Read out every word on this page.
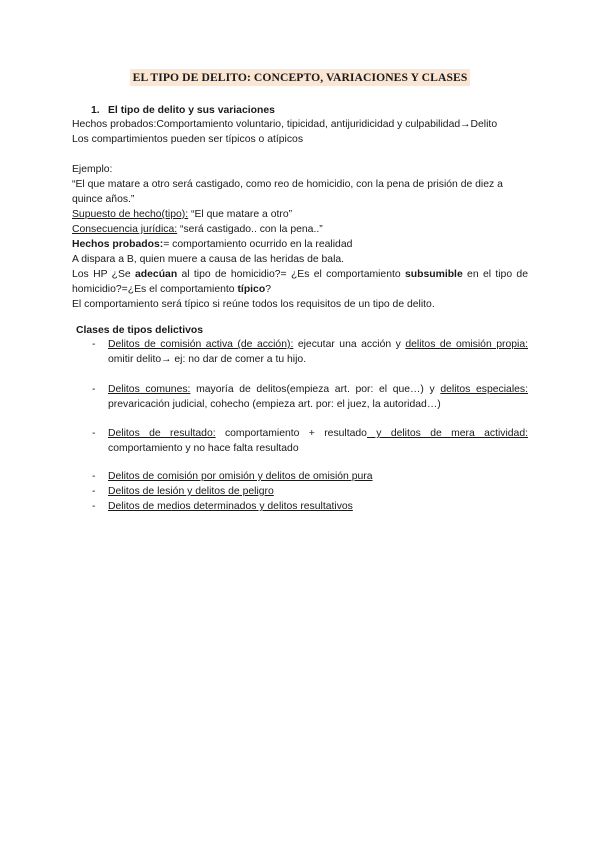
EL TIPO DE DELITO: CONCEPTO, VARIACIONES Y CLASES
1. El tipo de delito y sus variaciones

Hechos probados:Comportamiento voluntario, tipicidad, antijuridicidad y culpabilidad→Delito

Los compartimientos pueden ser típicos o atípicos

Ejemplo:

“El que matare a otro será castigado, como reo de homicidio, con la pena de prisión de diez a quince años.”

Supuesto de hecho(tipo): “El que matare a otro”

Consecuencia jurídica: “será castigado.. con la pena..”

Hechos probados:= comportamiento ocurrido en la realidad

A dispara a B, quien muere a causa de las heridas de bala.

Los HP ¿Se adecúan al tipo de homicidio?= ¿Es el comportamiento subsumible en el tipo de homicidio?=¿Es el comportamiento típico?

El comportamiento será típico si reúne todos los requisitos de un tipo de delito.

Clases de tipos delictivos
- Delitos de comisión activa (de acción): ejecutar una acción y delitos de omisión propia: omitir delito→ ej: no dar de comer a tu hijo.

- Delitos comunes: mayoría de delitos(empieza art. por: el que…) y delitos especiales: prevaricación judicial, cohecho (empieza art. por: el juez, la autoridad…)

- Delitos de resultado: comportamiento + resultado y delitos de mera actividad: comportamiento y no hace falta resultado

- Delitos de comisión por omisión y delitos de omisión pura

- Delitos de lesión y delitos de peligro

- Delitos de medios determinados y delitos resultativos
